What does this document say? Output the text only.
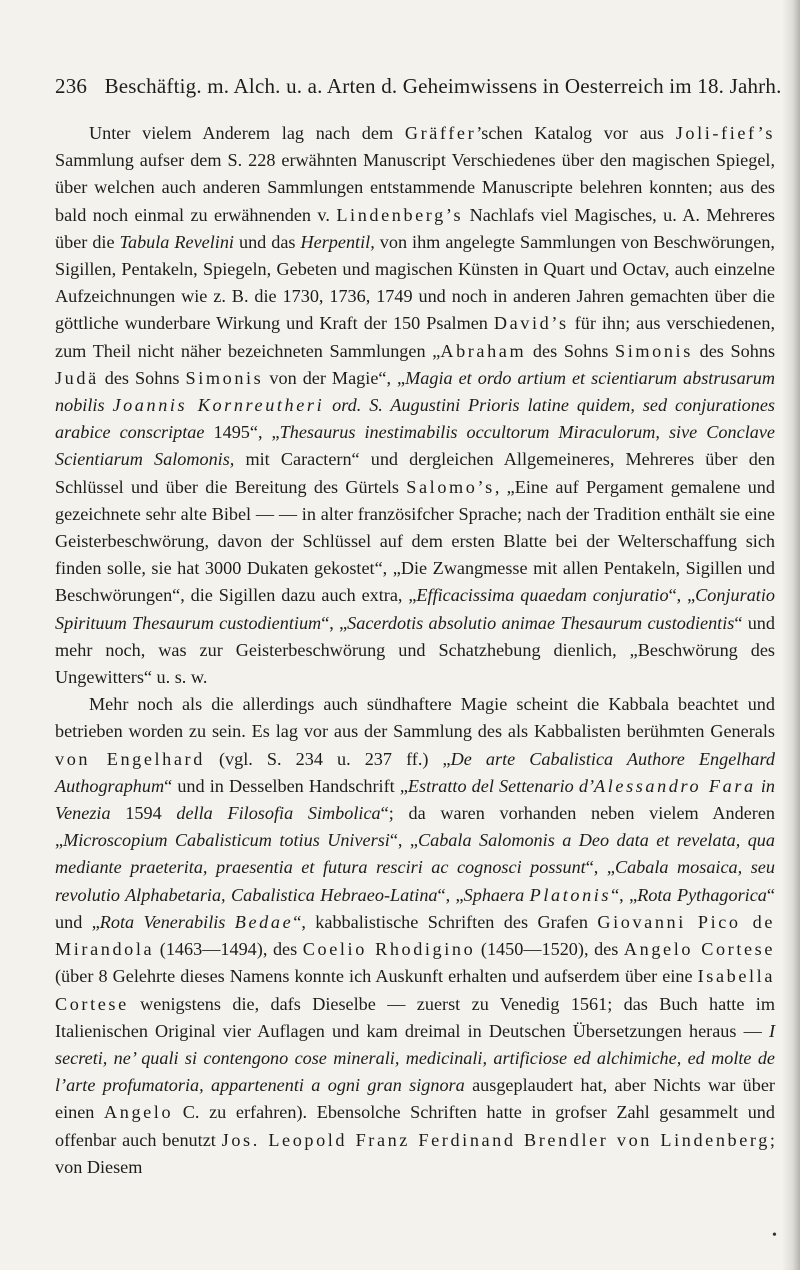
236 Beschäftig. m. Alch. u. a. Arten d. Geheimwissens in Oesterreich im 18. Jahrh.

Unter vielem Anderem lag nach dem Gräffer’schen Katalog vor aus Joli-fief’s Sammlung aufser dem S. 228 erwähnten Manuscript Verschiedenes über den magischen Spiegel, über welchen auch anderen Sammlungen entstammende Manuscripte belehren konnten; aus des bald noch einmal zu erwähnenden v. Lindenberg’s Nachlafs viel Magisches, u. A. Mehreres über die Tabula Revelini und das Herpentil, von ihm angelegte Sammlungen von Beschwörungen, Sigillen, Pentakeln, Spiegeln, Gebeten und magischen Künsten in Quart und Octav, auch einzelne Aufzeichnungen wie z. B. die 1730, 1736, 1749 und noch in anderen Jahren gemachten über die göttliche wunderbare Wirkung und Kraft der 150 Psalmen David’s für ihn; aus verschiedenen, zum Theil nicht näher bezeichneten Sammlungen „Abraham des Sohns Simonis des Sohns Judä des Sohns Simonis von der Magie“, „Magia et ordo artium et scientiarum abstrusarum nobilis Joannis Kornreutheri ord. S. Augustini Prioris latine quidem, sed conjurationes arabice conscriptae 1495“, „Thesaurus inestimabilis occultorum Miraculorum, sive Conclave Scientiarum Salomonis, mit Caractern“ und dergleichen Allgemeineres, Mehreres über den Schlüssel und über die Bereitung des Gürtels Salomo’s, „Eine auf Pergament gemalene und gezeichnete sehr alte Bibel — — in alter französifcher Sprache; nach der Tradition enthält sie eine Geisterbeschwörung, davon der Schlüssel auf dem ersten Blatte bei der Welterschaffung sich finden solle, sie hat 3000 Dukaten gekostet“, „Die Zwangmesse mit allen Pentakeln, Sigillen und Beschwörungen“, die Sigillen dazu auch extra, „Efficacissima quaedam conjuratio“, „Conjuratio Spirituum Thesaurum custodientium“, „Sacerdotis absolutio animae Thesaurum custodientis“ und mehr noch, was zur Geisterbeschwörung und Schatzhebung dienlich, „Beschwörung des Ungewitters“ u. s. w.

Mehr noch als die allerdings auch sündhaftere Magie scheint die Kabbala beachtet und betrieben worden zu sein. Es lag vor aus der Sammlung des als Kabbalisten berühmten Generals von Engelhard (vgl. S. 234 u. 237 ff.) „De arte Cabalistica Authore Engelhard Authographum“ und in Desselben Handschrift „Estratto del Settenario d’Alessandro Fara in Venezia 1594 della Filosofia Simbolica“; da waren vorhanden neben vielem Anderen „Microscopium Cabalisticum totius Universi“, „Cabala Salomonis a Deo data et revelata, qua mediante praeterita, praesentia et futura resciri ac cognosci possunt“, „Cabala mosaica, seu revolutio Alphabetaria, Cabalistica Hebraeo-Latina“, „Sphaera Platonis“, „Rota Pythagorica“ und „Rota Venerabilis Bedae“, kabbalistische Schriften des Grafen Giovanni Pico de Mirandola (1463—1494), des Coelio Rhodigino (1450—1520), des Angelo Cortese (über 8 Gelehrte dieses Namens konnte ich Auskunft erhalten und aufserdem über eine Isabella Cortese wenigstens die, dafs Dieselbe — zuerst zu Venedig 1561; das Buch hatte im Italienischen Original vier Auflagen und kam dreimal in Deutschen Übersetzungen heraus — I secreti, ne’ quali si contengono cose minerali, medicinali, artificiose ed alchimiche, ed molte de l’arte profumatoria, appartenenti a ogni gran signora ausgeplaudert hat, aber Nichts war über einen Angelo C. zu erfahren). Ebensolche Schriften hatte in grofser Zahl gesammelt und offenbar auch benutzt Jos. Leopold Franz Ferdinand Brendler von Lindenberg; von Diesem

•
